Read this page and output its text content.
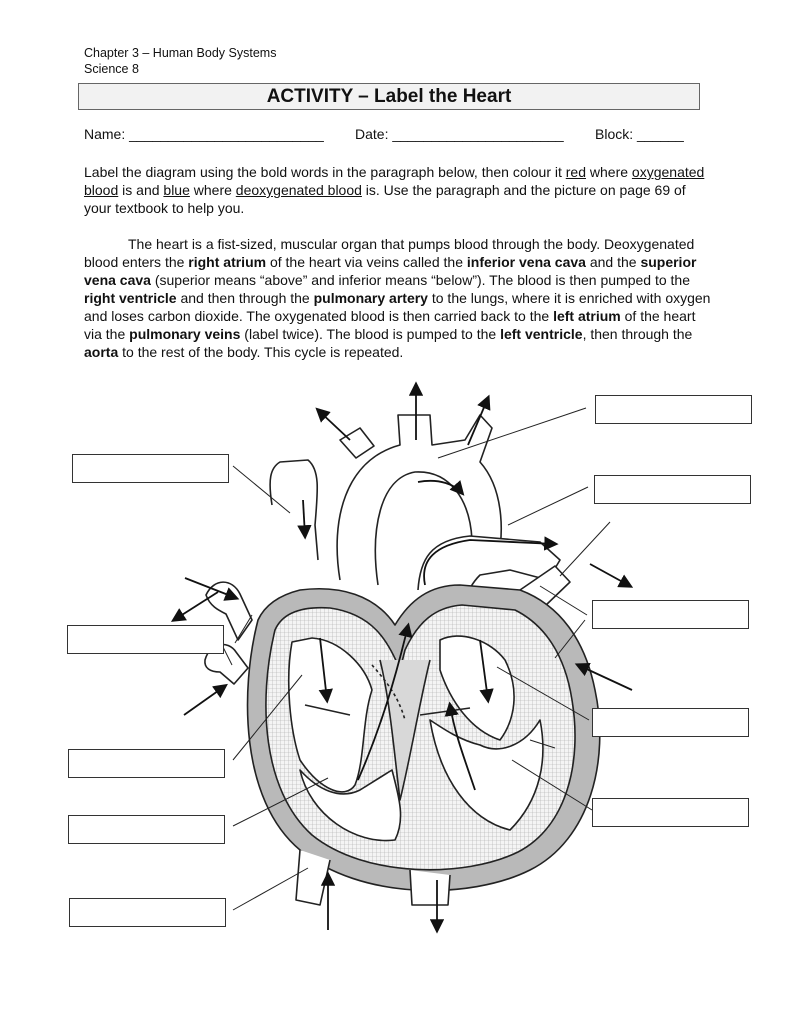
Chapter 3 – Human Body Systems
Science 8
ACTIVITY – Label the Heart
Name: _________________________ Date: ______________________ Block: ______

Label the diagram using the bold words in the paragraph below, then colour it red where oxygenated blood is and blue where deoxygenated blood is. Use the paragraph and the picture on page 69 of your textbook to help you.

The heart is a fist-sized, muscular organ that pumps blood through the body. Deoxygenated blood enters the right atrium of the heart via veins called the inferior vena cava and the superior vena cava (superior means “above” and inferior means “below”). The blood is then pumped to the right ventricle and then through the pulmonary artery to the lungs, where it is enriched with oxygen and loses carbon dioxide. The oxygenated blood is then carried back to the left atrium of the heart via the pulmonary veins (label twice). The blood is pumped to the left ventricle, then through the aorta to the rest of the body. This cycle is repeated.
